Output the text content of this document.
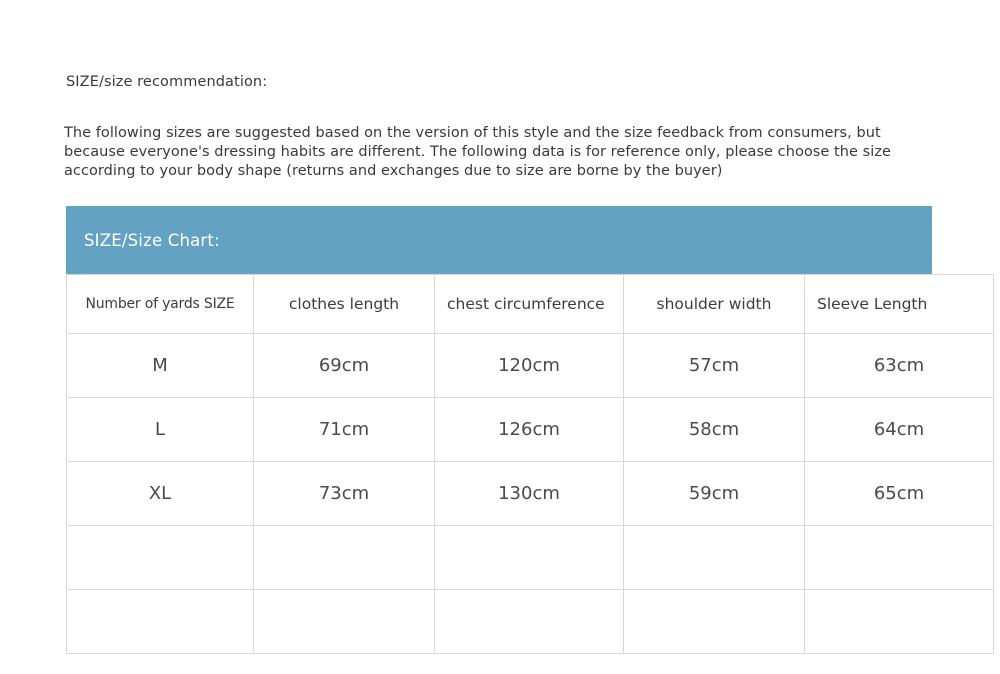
SIZE/size recommendation:
The following sizes are suggested based on the version of this style and the size feedback from consumers, but because everyone's dressing habits are different. The following data is for reference only, please choose the size according to your body shape (returns and exchanges due to size are borne by the buyer)
SIZE/Size Chart:
Number of yards SIZE	clothes length	chest circumference	shoulder width	Sleeve Length
M	69cm	120cm	57cm	63cm
L	71cm	126cm	58cm	64cm
XL	73cm	130cm	59cm	65cm
